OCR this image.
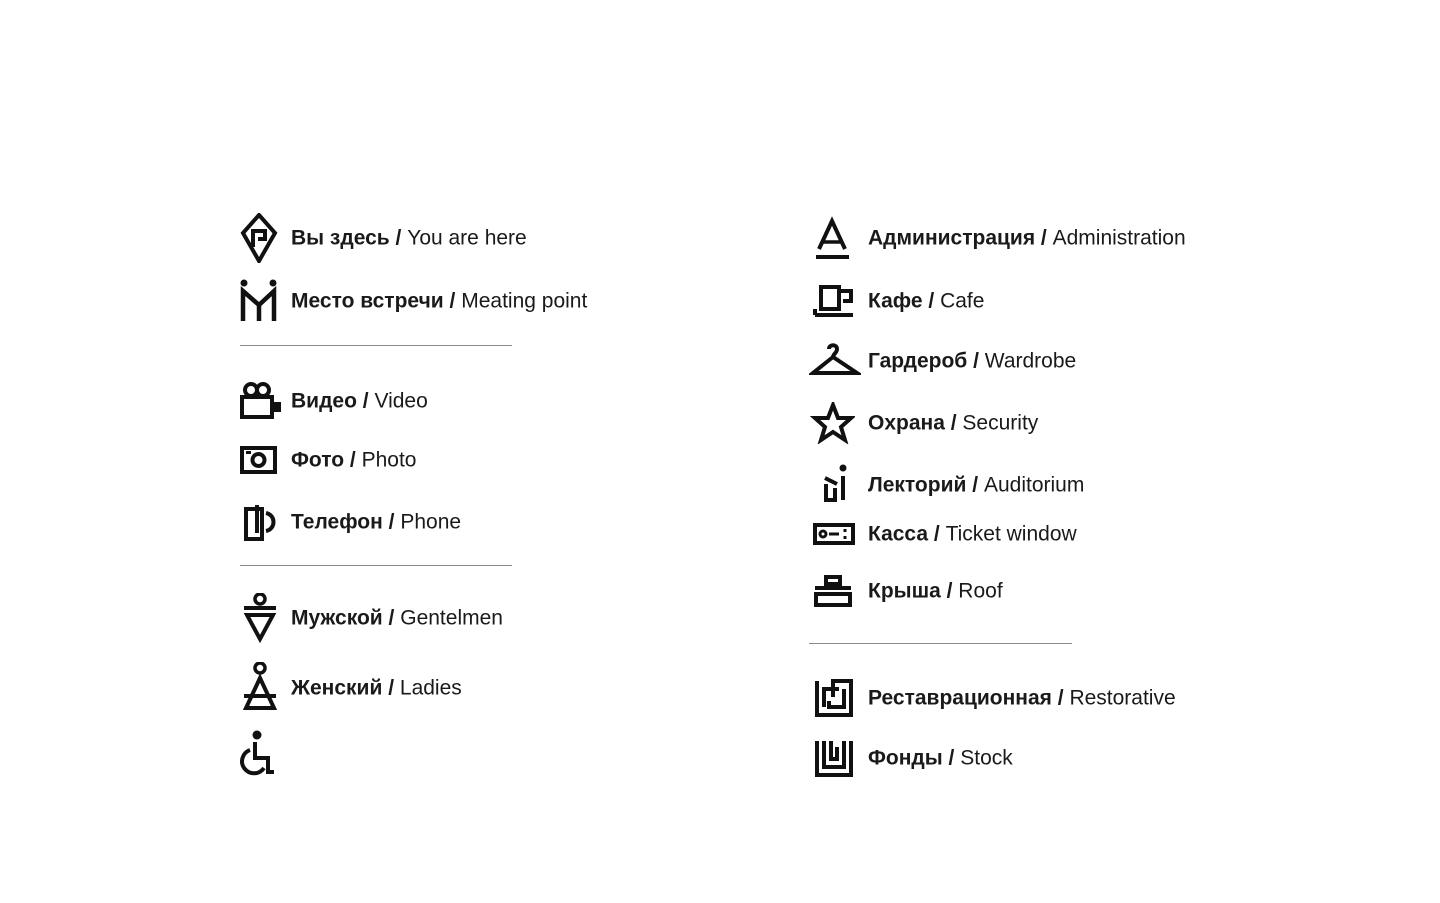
Вы здесь / You are here
Место встречи / Meating point
Видео / Video
Фото / Photo
Телефон / Phone
Мужской / Gentelmen
Женский / Ladies
Администрация / Administration
Кафе / Cafe
Гардероб / Wardrobe
Охрана / Security
Лекторий / Auditorium
Касса / Ticket window
Крыша / Roof
Реставрационная / Restorative
Фонды / Stock
